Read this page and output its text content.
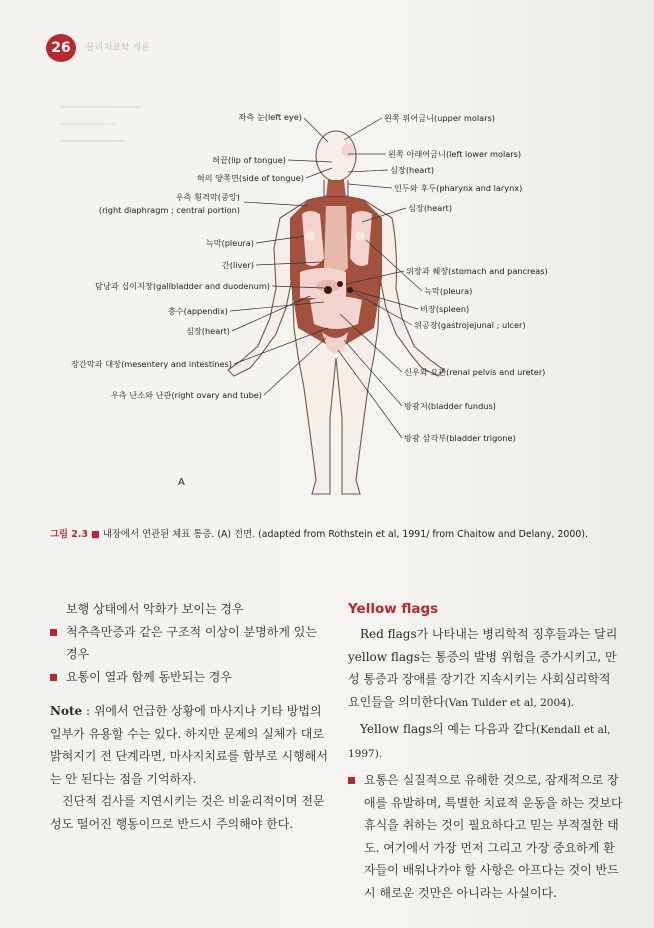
───────────────
──────────
────────────
26	물리치료학 개론
좌측 눈(left eye)
혀끝(lip of tongue)
혀의 양쪽면(side of tongue)
우측 횡격막(중앙)
(right diaphragm ; central portion)
늑막(pleura)
간(liver)
담낭과 십이지장(gallbladder and duodenum)
충수(appendix)
심장(heart)
장간막과 대장(mesentery and intestines)
우측 난소와 난관(right ovary and tube)
왼쪽 위어금니(upper molars)
왼쪽 아래어금니(left lower molars)
심장(heart)
인두와 후두(pharynx and larynx)
심장(heart)
위장과 췌장(stomach and pancreas)
늑막(pleura)
비장(spleen)
위공장(gastrojejunal ; ulcer)
신우와 요관(renal pelvis and ureter)
방광저(bladder fundus)
방광 삼각부(bladder trigone)
A
그림 2.3 ■ 내장에서 연관된 체표 통증. (A) 전면. (adapted from Rothstein et al, 1991/ from Chaitow and Delany, 2000).

보행 상태에서 악화가 보이는 경우

척추측만증과 같은 구조적 이상이 분명하게 있는 경우

요통이 열과 함께 동반되는 경우

Note : 위에서 언급한 상황에 마사지나 기타 방법의 일부가 유용할 수는 있다. 하지만 문제의 실체가 대로 밝혀지기 전 단계라면, 마사지치료를 함부로 시행해서는 안 된다는 점을 기억하자.

진단적 검사를 지연시키는 것은 비윤리적이며 전문성도 떨어진 행동이므로 반드시 주의해야 한다.

Yellow flags

Red flags가 나타내는 병리학적 징후들과는 달리 yellow flags는 통증의 발병 위험을 증가시키고, 만성 통증과 장애를 장기간 지속시키는 사회심리학적 요인들을 의미한다(Van Tulder et al, 2004).

Yellow flags의 예는 다음과 같다(Kendall et al, 1997).

요통은 실질적으로 유해한 것으로, 잠재적으로 장애를 유발하며, 특별한 치료적 운동을 하는 것보다 휴식을 취하는 것이 필요하다고 믿는 부적절한 태도. 여기에서 가장 먼저 그리고 가장 중요하게 환자들이 배워나가야 할 사항은 아프다는 것이 반드시 해로운 것만은 아니라는 사실이다.
